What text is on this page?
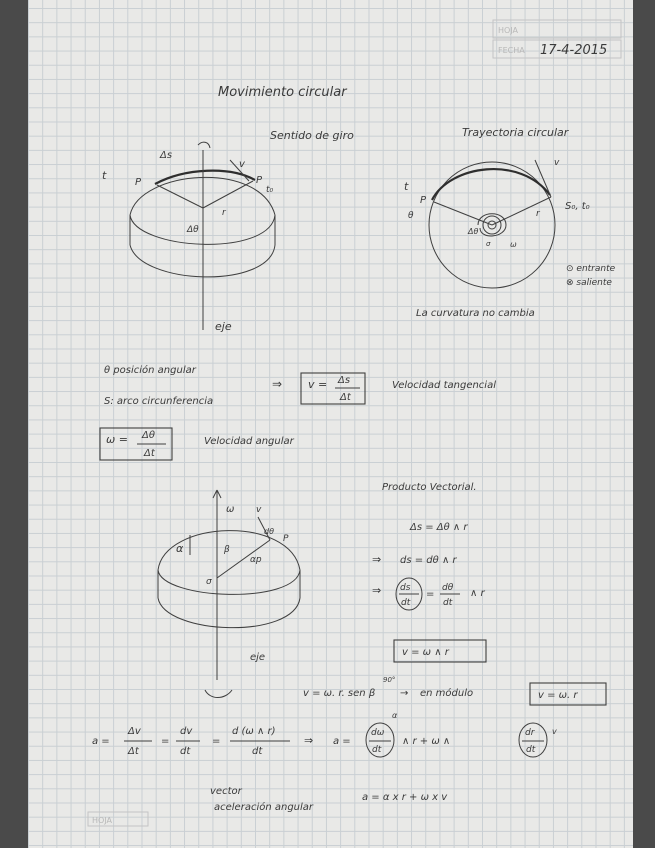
HOJA
FECHA 17-4-2015
HOJA
Movimiento circular
Sentido de giro
Δs
t
P
v
P
t₀
r
Δθ
eje
Trayectoria circular
v
t
P
θ
Δθ
r
σ ω
S₀, t₀
⊙ entrante
⊗ saliente
La curvatura no cambia
θ posición angular
S: arco circunferencia
⇒ v = Δs
Δt
Velocidad tangencial
ω = Δθ
Δt
Velocidad angular
ω v
α	β
dθ
P
αp
σ
eje
Producto Vectorial.
Δs = Δθ ∧ r
⇒ ds = dθ ∧ r
⇒ ds
dt
=
dθ
dt
∧ r
v = ω ∧ r
90°
v = ω. r. sen β → en módulo	v = ω. r
a =
Δv
Δt
=
dv
dt
=
d (ω ∧ r)
dt
⇒ a =
dω
dt
α
∧ r + ω ∧
dr
dt
v
vector
aceleración angular
a = α x r + ω x v
